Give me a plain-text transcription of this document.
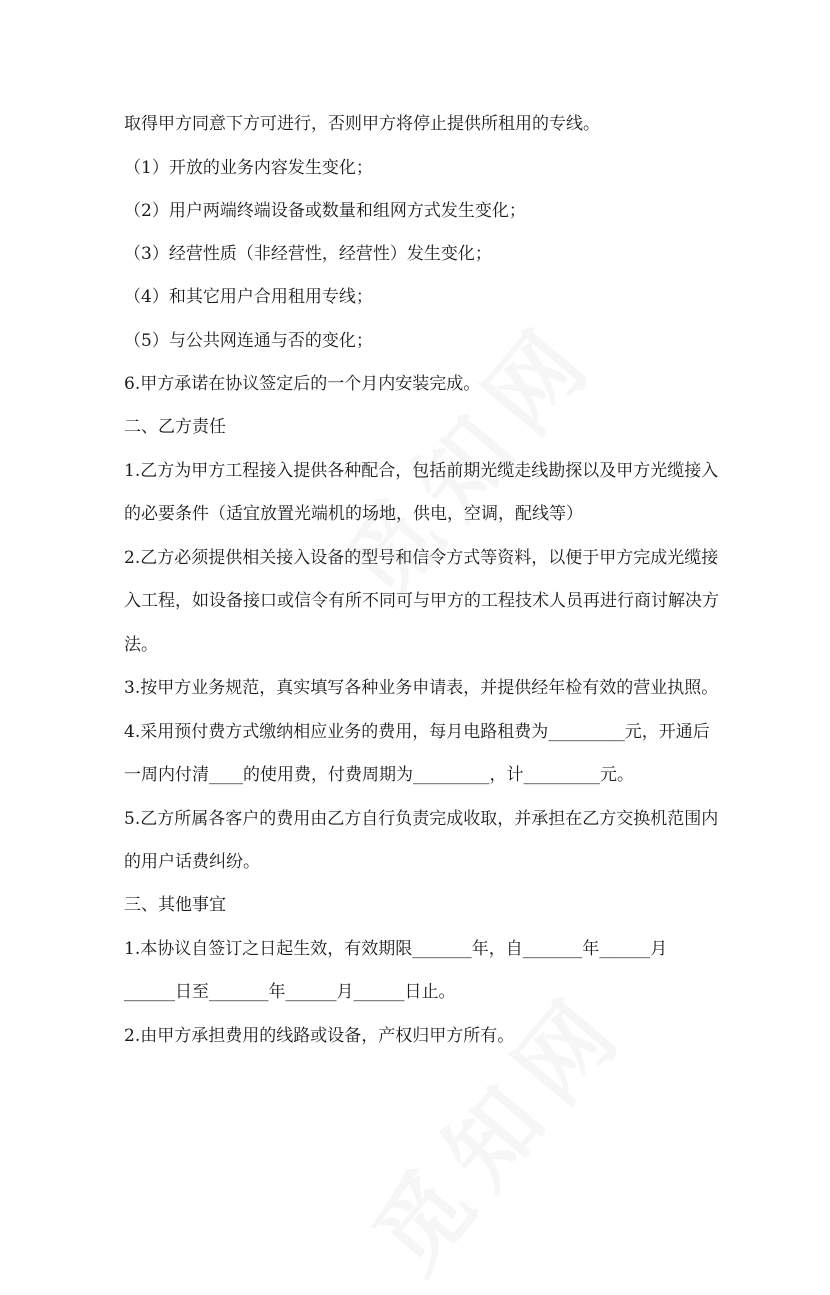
取得甲方同意下方可进行，否则甲方将停止提供所租用的专线。
（1）开放的业务内容发生变化；
（2）用户两端终端设备或数量和组网方式发生变化；
（3）经营性质（非经营性，经营性）发生变化；
（4）和其它用户合用租用专线；
（5）与公共网连通与否的变化；
6.甲方承诺在协议签定后的一个月内安装完成。
二、乙方责任
1.乙方为甲方工程接入提供各种配合，包括前期光缆走线勘探以及甲方光缆接入
的必要条件（适宜放置光端机的场地，供电，空调，配线等）
2.乙方必须提供相关接入设备的型号和信令方式等资料，以便于甲方完成光缆接
入工程，如设备接口或信令有所不同可与甲方的工程技术人员再进行商讨解决方
法。
3.按甲方业务规范，真实填写各种业务申请表，并提供经年检有效的营业执照。
4.采用预付费方式缴纳相应业务的费用，每月电路租费为_________元，开通后
一周内付清____的使用费，付费周期为_________，计_________元。
5.乙方所属各客户的费用由乙方自行负责完成收取，并承担在乙方交换机范围内
的用户话费纠纷。
三、其他事宜
1.本协议自签订之日起生效，有效期限_______年，自_______年______月
______日至_______年______月______日止。
2.由甲方承担费用的线路或设备，产权归甲方所有。
